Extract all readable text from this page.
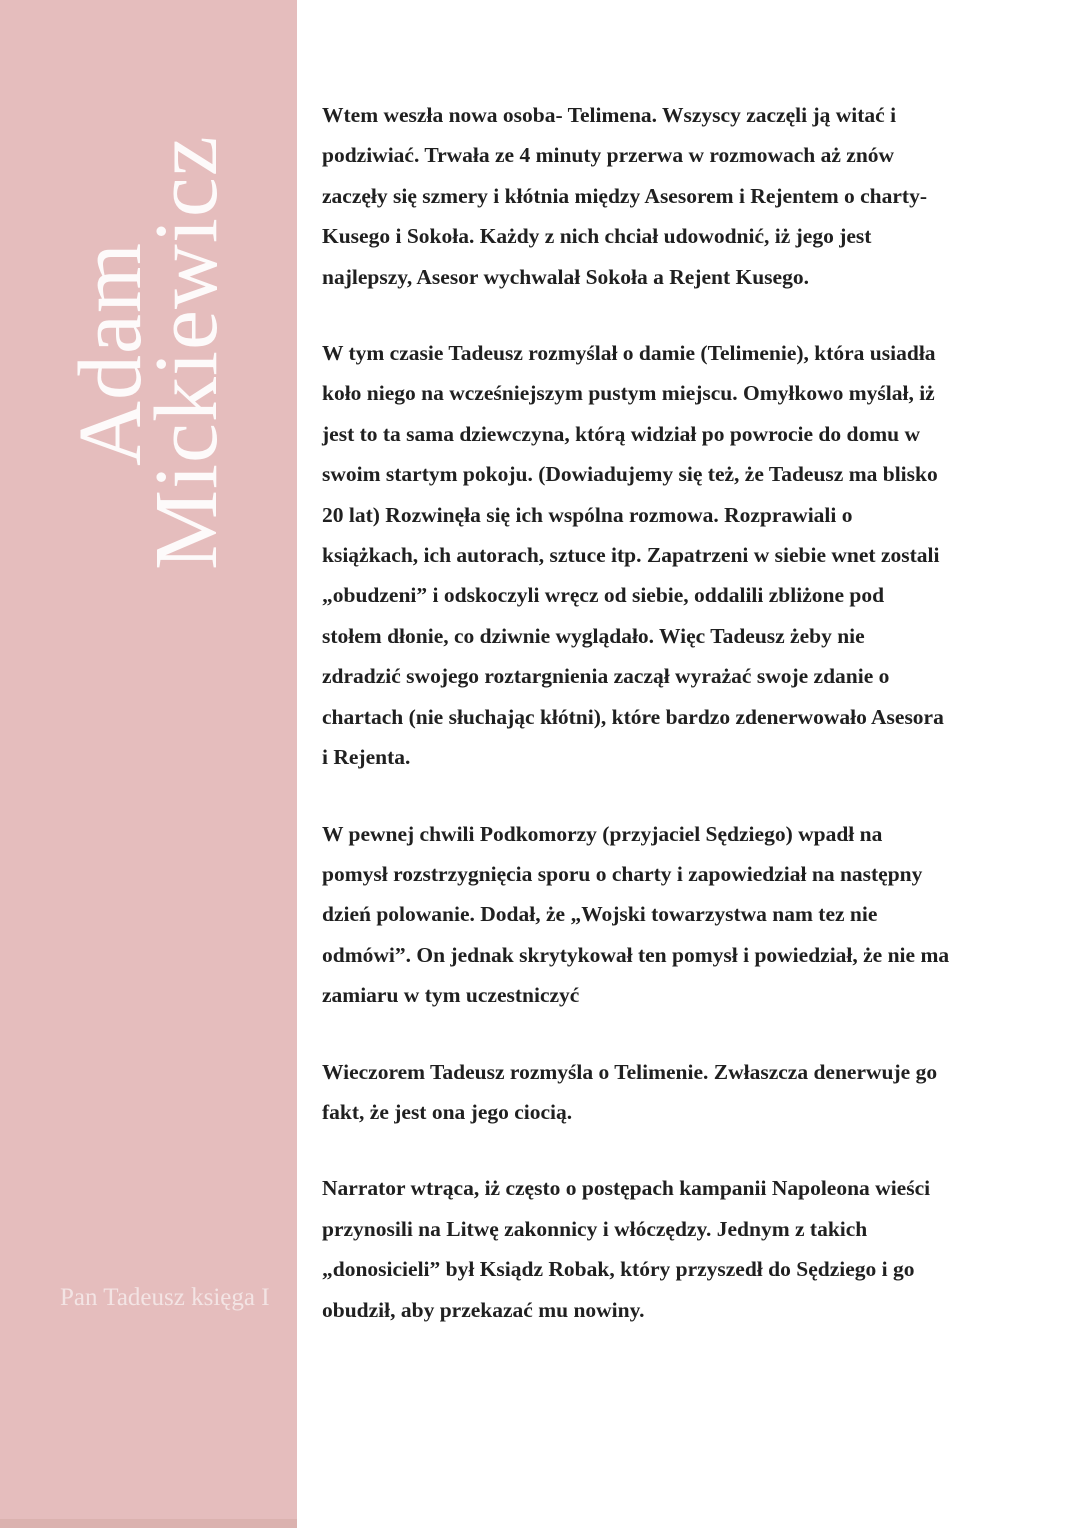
Adam
Mickiewicz
Pan Tadeusz księga I

Wtem weszła nowa osoba- Telimena. Wszyscy zaczęli ją witać i
podziwiać. Trwała ze 4 minuty przerwa w rozmowach aż znów
zaczęły się szmery i kłótnia między Asesorem i Rejentem o charty-
Kusego i Sokoła. Każdy z nich chciał udowodnić, iż jego jest
najlepszy, Asesor wychwalał Sokoła a Rejent Kusego.

W tym czasie Tadeusz rozmyślał o damie (Telimenie), która usiadła
koło niego na wcześniejszym pustym miejscu. Omyłkowo myślał, iż
jest to ta sama dziewczyna, którą widział po powrocie do domu w
swoim startym pokoju. (Dowiadujemy się też, że Tadeusz ma blisko
20 lat) Rozwinęła się ich wspólna rozmowa. Rozprawiali o
książkach, ich autorach, sztuce itp. Zapatrzeni w siebie wnet zostali
„obudzeni” i odskoczyli wręcz od siebie, oddalili zbliżone pod
stołem dłonie, co dziwnie wyglądało. Więc Tadeusz żeby nie
zdradzić swojego roztargnienia zaczął wyrażać swoje zdanie o
chartach (nie słuchając kłótni), które bardzo zdenerwowało Asesora
i Rejenta.

W pewnej chwili Podkomorzy (przyjaciel Sędziego) wpadł na
pomysł rozstrzygnięcia sporu o charty i zapowiedział na następny
dzień polowanie. Dodał, że „Wojski towarzystwa nam tez nie
odmówi”. On jednak skrytykował ten pomysł i powiedział, że nie ma
zamiaru w tym uczestniczyć

Wieczorem Tadeusz rozmyśla o Telimenie. Zwłaszcza denerwuje go
fakt, że jest ona jego ciocią.

Narrator wtrąca, iż często o postępach kampanii Napoleona wieści
przynosili na Litwę zakonnicy i włóczędzy. Jednym z takich
„donosicieli” był Ksiądz Robak, który przyszedł do Sędziego i go
obudził, aby przekazać mu nowiny.
